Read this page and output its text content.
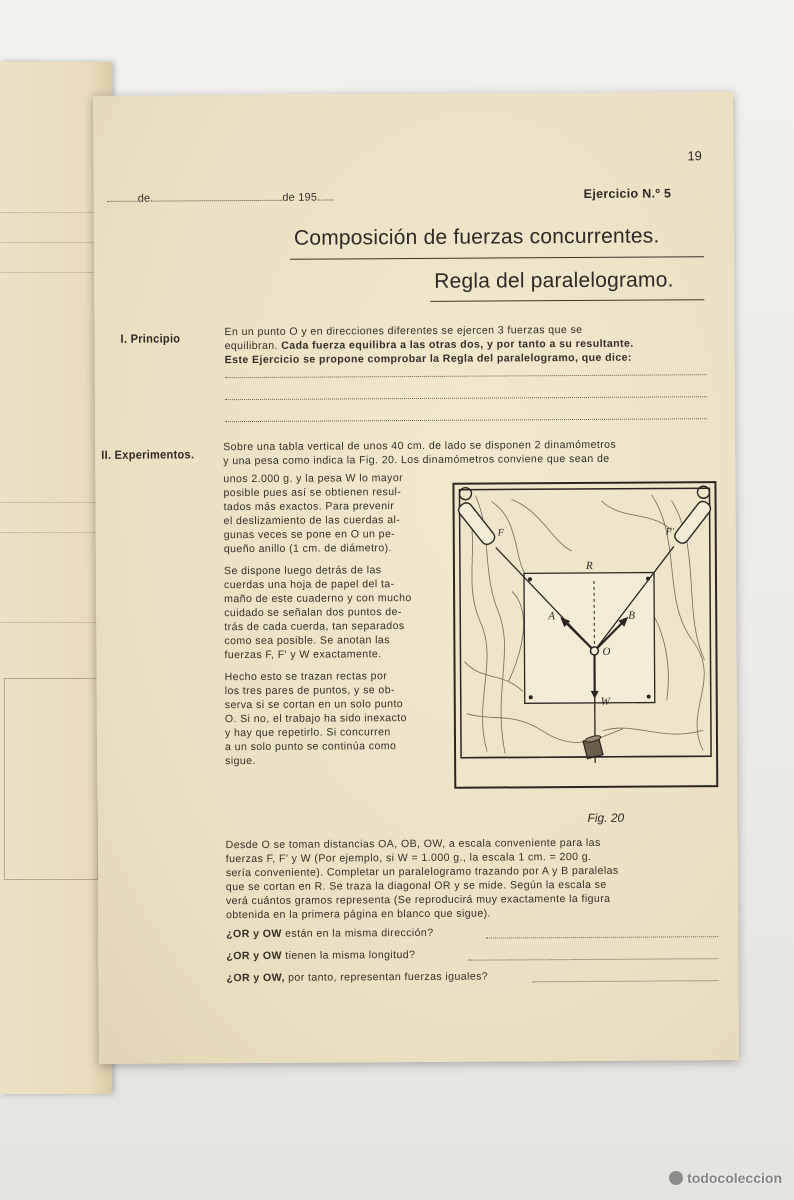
19
de	de 195	Ejercicio N.º 5
Composición de fuerzas concurrentes.
Regla del paralelogramo.
I. Principio
En un punto O y en direcciones diferentes se ejercen 3 fuerzas que se
equilibran. Cada fuerza equilibra a las otras dos, y por tanto a su resultante.
Este Ejercicio se propone comprobar la Regla del paralelogramo, que dice:
II. Experimentos.
Sobre una tabla vertical de unos 40 cm. de lado se disponen 2 dinamómetros
y una pesa como indica la Fig. 20. Los dinamómetros conviene que sean de
unos 2.000 g. y la pesa W lo mayor
posible pues así se obtienen resul-
tados más exactos. Para prevenir
el deslizamiento de las cuerdas al-
gunas veces se pone en O un pe-
queño anillo (1 cm. de diámetro).
Se dispone luego detrás de las
cuerdas una hoja de papel del ta-
maño de este cuaderno y con mucho
cuidado se señalan dos puntos de-
trás de cada cuerda, tan separados
como sea posible. Se anotan las
fuerzas F, F' y W exactamente.
Hecho esto se trazan rectas por
los tres pares de puntos, y se ob-
serva si se cortan en un solo punto
O. Si no, el trabajo ha sido inexacto
y hay que repetirlo. Si concurren
a un solo punto se continúa como
sigue.
F	F'
R
A	B
O
W
Fig. 20
Desde O se toman distancias OA, OB, OW, a escala conveniente para las
fuerzas F, F' y W (Por ejemplo, si W = 1.000 g., la escala 1 cm. = 200 g.
sería conveniente). Completar un paralelogramo trazando por A y B paralelas
que se cortan en R. Se traza la diagonal OR y se mide. Según la escala se
verá cuántos gramos representa (Se reproducirá muy exactamente la figura
obtenida en la primera página en blanco que sigue).
¿OR y OW están en la misma dirección?
¿OR y OW tienen la misma longitud?
¿OR y OW, por tanto, representan fuerzas iguales?
todocoleccion
